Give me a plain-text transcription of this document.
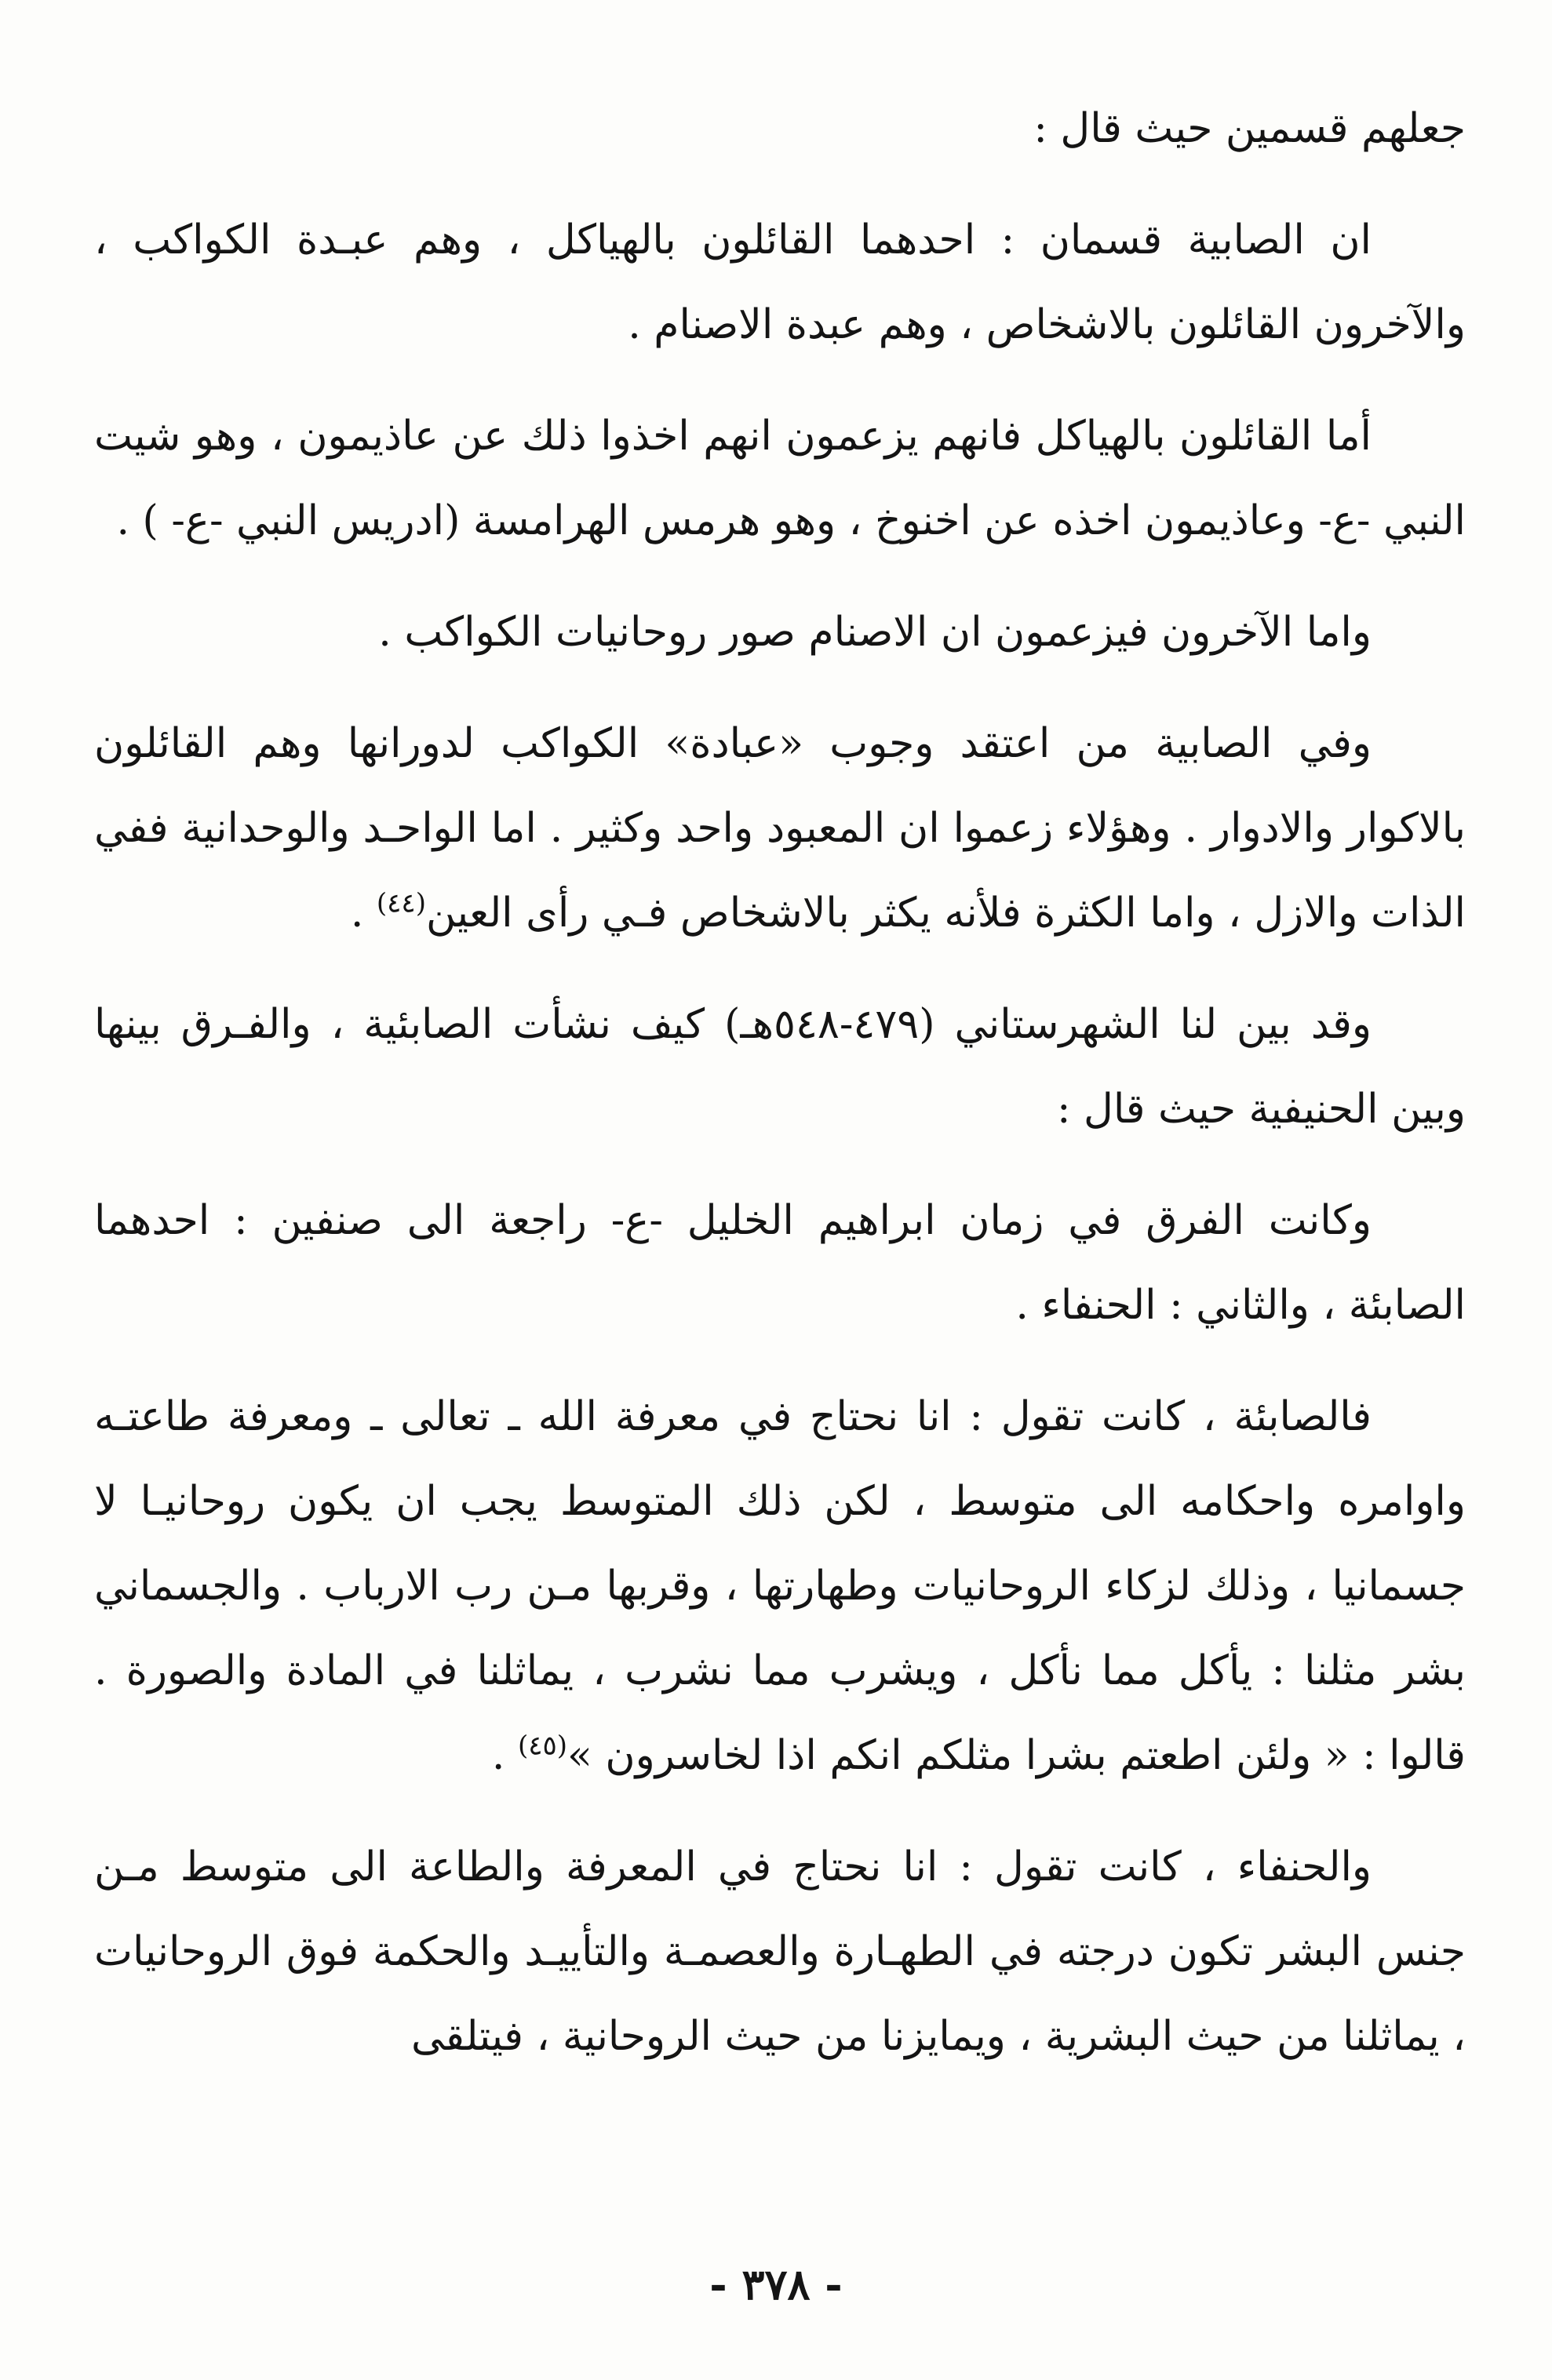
جعلهم قسمين حيث قال :

ان الصابية قسمان : احدهما القائلون بالهياكل ، وهم عبـدة الكواكب ، والآخرون القائلون بالاشخاص ، وهم عبدة الاصنام .

أما القائلون بالهياكل فانهم يزعمون انهم اخذوا ذلك عن عاذيمون ، وهو شيت النبي -ع- وعاذيمون اخذه عن اخنوخ ، وهو هرمس الهرامسة (ادريس النبي -ع- ) .

واما الآخرون فيزعمون ان الاصنام صور روحانيات الكواكب .

وفي الصابية من اعتقد وجوب «عبادة» الكواكب لدورانها وهم القائلون بالاكوار والادوار . وهؤلاء زعموا ان المعبود واحد وكثير . اما الواحـد والوحدانية ففي الذات والازل ، واما الكثرة فلأنه يكثر بالاشخاص فـي رأى العين$^{(٤٤)}$ .

وقد بين لنا الشهرستاني (٤٧٩-٥٤٨هـ) كيف نشأت الصابئية ، والفـرق بينها وبين الحنيفية حيث قال :

وكانت الفرق في زمان ابراهيم الخليل -ع- راجعة الى صنفين : احدهما الصابئة ، والثاني : الحنفاء .

فالصابئة ، كانت تقول : انا نحتاج في معرفة الله ـ تعالى ـ ومعرفة طاعتـه واوامره واحكامه الى متوسط ، لكن ذلك المتوسط يجب ان يكون روحانيـا لا جسمانيا ، وذلك لزكاء الروحانيات وطهارتها ، وقربها مـن رب الارباب . والجسماني بشر مثلنا : يأكل مما نأكل ، ويشرب مما نشرب ، يماثلنا في المادة والصورة . قالوا : « ولئن اطعتم بشرا مثلكم انكم اذا لخاسرون »$^{(٤٥)}$ .

والحنفاء ، كانت تقول : انا نحتاج في المعرفة والطاعة الى متوسط مـن جنس البشر تكون درجته في الطهـارة والعصمـة والتأييـد والحكمة فوق الروحانيات ، يماثلنا من حيث البشرية ، ويمايزنا من حيث الروحانية ، فيتلقى

- ٣٧٨ -
